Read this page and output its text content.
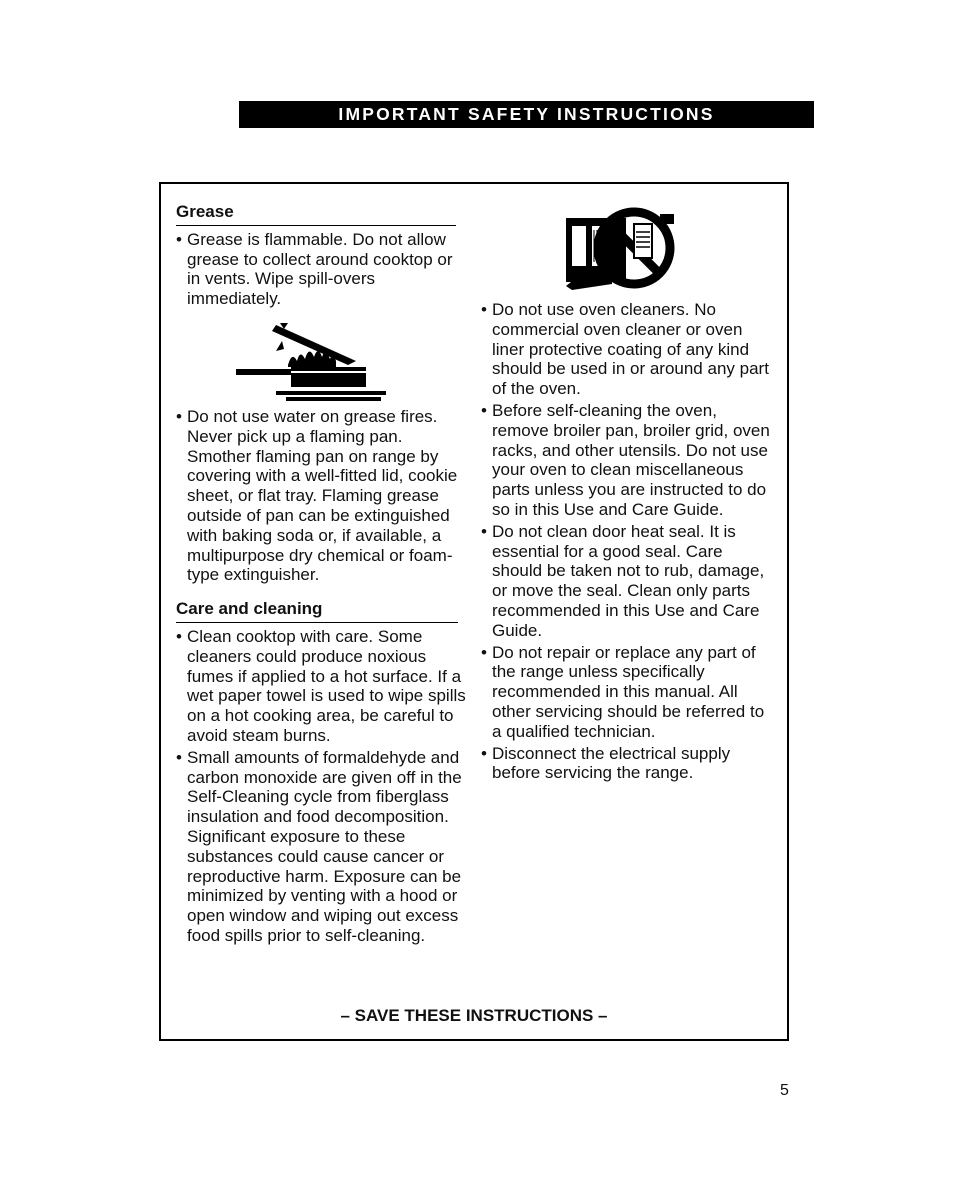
IMPORTANT SAFETY INSTRUCTIONS
Grease
• Grease is flammable. Do not allow grease to collect around cooktop or in vents. Wipe spill-overs immediately.
• Do not use water on grease fires. Never pick up a flaming pan. Smother flaming pan on range by covering with a well-fitted lid, cookie sheet, or flat tray. Flaming grease outside of pan can be extinguished with baking soda or, if available, a multipurpose dry chemical or foam-type extinguisher.
Care and cleaning
• Clean cooktop with care. Some cleaners could produce noxious fumes if applied to a hot surface. If a wet paper towel is used to wipe spills on a hot cooking area, be careful to avoid steam burns.
• Small amounts of formaldehyde and carbon monoxide are given off in the Self-Cleaning cycle from fiberglass insulation and food decomposition. Significant exposure to these substances could cause cancer or reproductive harm. Exposure can be minimized by venting with a hood or open window and wiping out excess food spills prior to self-cleaning.
• Do not use oven cleaners. No commercial oven cleaner or oven liner protective coating of any kind should be used in or around any part of the oven.
• Before self-cleaning the oven, remove broiler pan, broiler grid, oven racks, and other utensils. Do not use your oven to clean miscellaneous parts unless you are instructed to do so in this Use and Care Guide.
• Do not clean door heat seal. It is essential for a good seal. Care should be taken not to rub, damage, or move the seal. Clean only parts recommended in this Use and Care Guide.
• Do not repair or replace any part of the range unless specifically recommended in this manual. All other servicing should be referred to a qualified technician.
• Disconnect the electrical supply before servicing the range.
– SAVE THESE INSTRUCTIONS –
5
